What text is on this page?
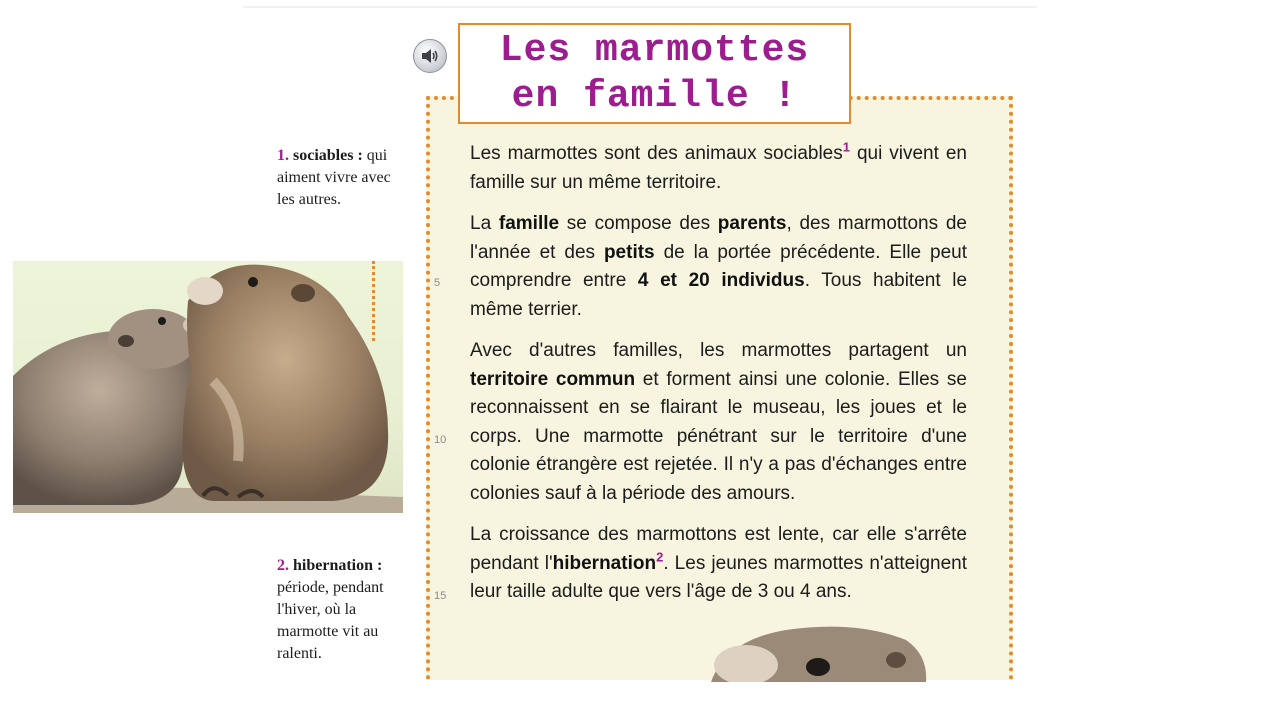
Les marmottes
en famille !

Les marmottes sont des animaux sociables$^1$ qui vivent en famille sur un même territoire.

La famille se compose des parents, des marmottons de l'année et des petits de la portée précédente. Elle peut comprendre entre 4 et 20 individus. Tous habitent le même terrier.

Avec d'autres familles, les marmottes partagent un territoire commun et forment ainsi une colonie. Elles se reconnaissent en se flairant le museau, les joues et le corps. Une marmotte pénétrant sur le territoire d'une colonie étrangère est rejetée. Il n'y a pas d'échanges entre colonies sauf à la période des amours.

La croissance des marmottons est lente, car elle s'arrête pendant l'hibernation$^2$. Les jeunes marmottes n'atteignent leur taille adulte que vers l'âge de 3 ou 4 ans.

5
10
15
1. sociables : qui aiment vivre avec les autres.
2. hibernation : période, pendant l'hiver, où la marmotte vit au ralenti.
